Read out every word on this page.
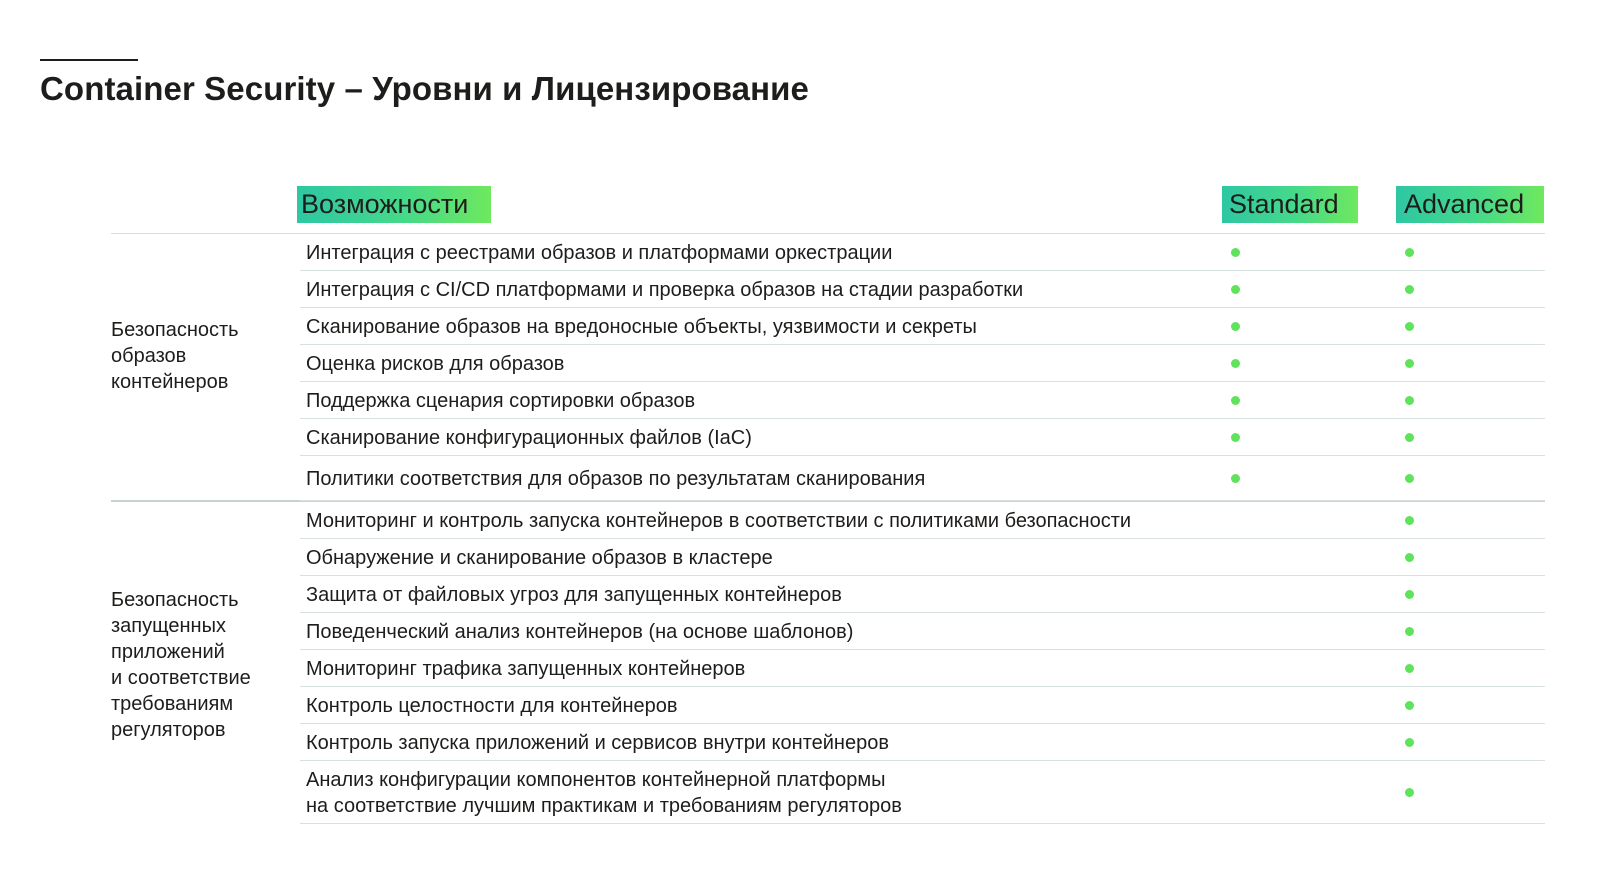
Container Security – Уровни и Лицензирование
Возможности	Standard	Advanced
Безопасность
образов
контейнеров
Интеграция с реестрами образов и платформами оркестрации
Интеграция с CI/CD платформами и проверка образов на стадии разработки
Сканирование образов на вредоносные объекты, уязвимости и секреты
Оценка рисков для образов
Поддержка сценария сортировки образов
Сканирование конфигурационных файлов (IaC)
Политики соответствия для образов по результатам сканирования
Безопасность
запущенных
приложений
и соответствие
требованиям
регуляторов
Мониторинг и контроль запуска контейнеров в соответствии с политиками безопасности
Обнаружение и сканирование образов в кластере
Защита от файловых угроз для запущенных контейнеров
Поведенческий анализ контейнеров (на основе шаблонов)
Мониторинг трафика запущенных контейнеров
Контроль целостности для контейнеров
Контроль запуска приложений и сервисов внутри контейнеров
Анализ конфигурации компонентов контейнерной платформы
на соответствие лучшим практикам и требованиям регуляторов
